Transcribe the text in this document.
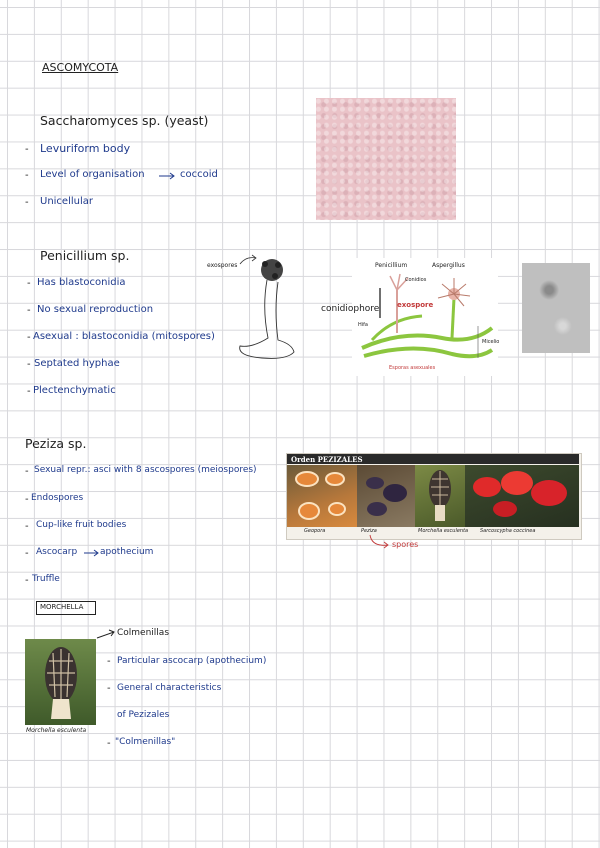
ASCOMYCOTA
Saccharomyces sp. (yeast)
- Levuriform body
- Level of organisation	coccoid
- Unicellular
Penicillium sp.
- Has blastoconidia
- No sexual reproduction
- Asexual : blastoconidia (mitospores)
- Septated hyphae
- Plectenchymatic
exospores	Penicillium	Aspergillus
Conidios
conidiophore	exospore
Hifa
Micelio
Esporas asexuales
Peziza sp.
- Sexual repr.: asci with 8 ascospores (meiospores)
- Endospores
- Cup-like fruit bodies
- Ascocarp	apothecium
- Truffle
Orden PEZIZALES
Geopora	Peziza	Morchella esculenta Sarcoscypha coccinea
spores
MORCHELLA
Morchella esculenta
Colmenillas
- Particular ascocarp (apothecium)
- General characteristics
of Pezizales
- "Colmenillas"
